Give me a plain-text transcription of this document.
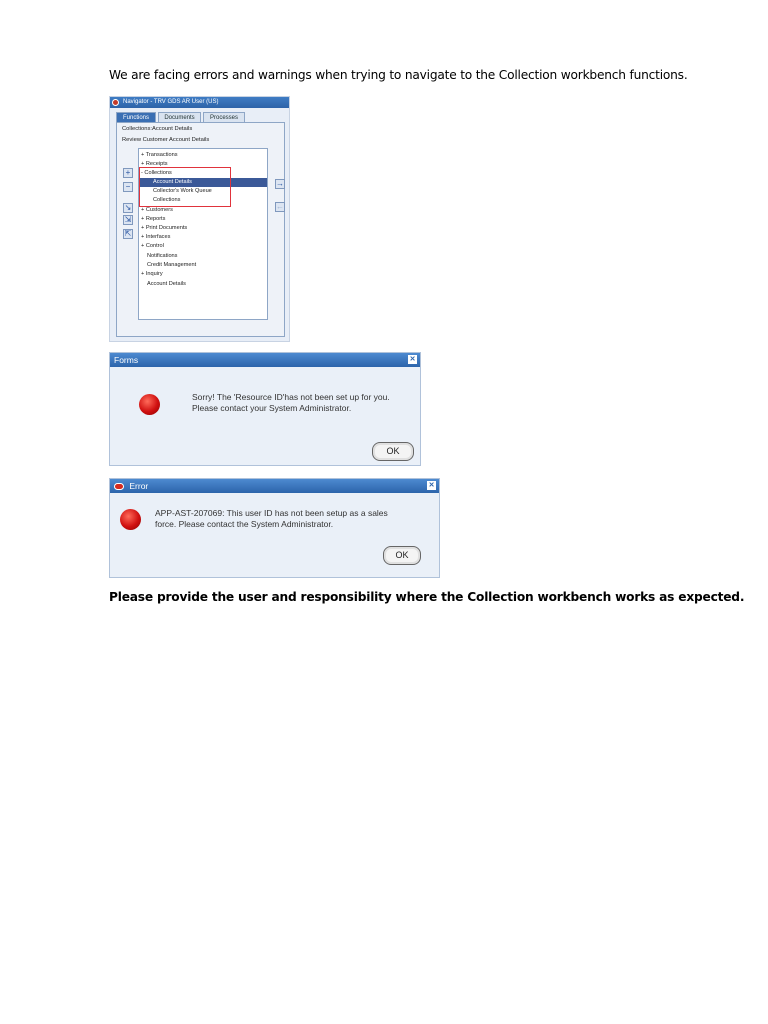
We are facing errors and warnings when trying to navigate to the Collection workbench functions.
Navigator - TRV GDS AR User (US)
Functions	Documents	Processes
Collections:Account Details
Review Customer Account Details
+
−
↘
⇲
⇱
→
←
+ Transactions
+ Receipts
- Collections
Account Details
Collector's Work Queue
Collections
+ Customers
+ Reports
+ Print Documents
+ Interfaces
+ Control
Notifications
Credit Management
+ Inquiry
Account Details
Forms	✕
Sorry! The 'Resource ID'has not been set up for you.
Please contact your System Administrator.
OK
Error	✕
APP-AST-207069: This user ID has not been setup as a sales
force. Please contact the System Administrator.
OK
Please provide the user and responsibility where the Collection workbench works as expected.
